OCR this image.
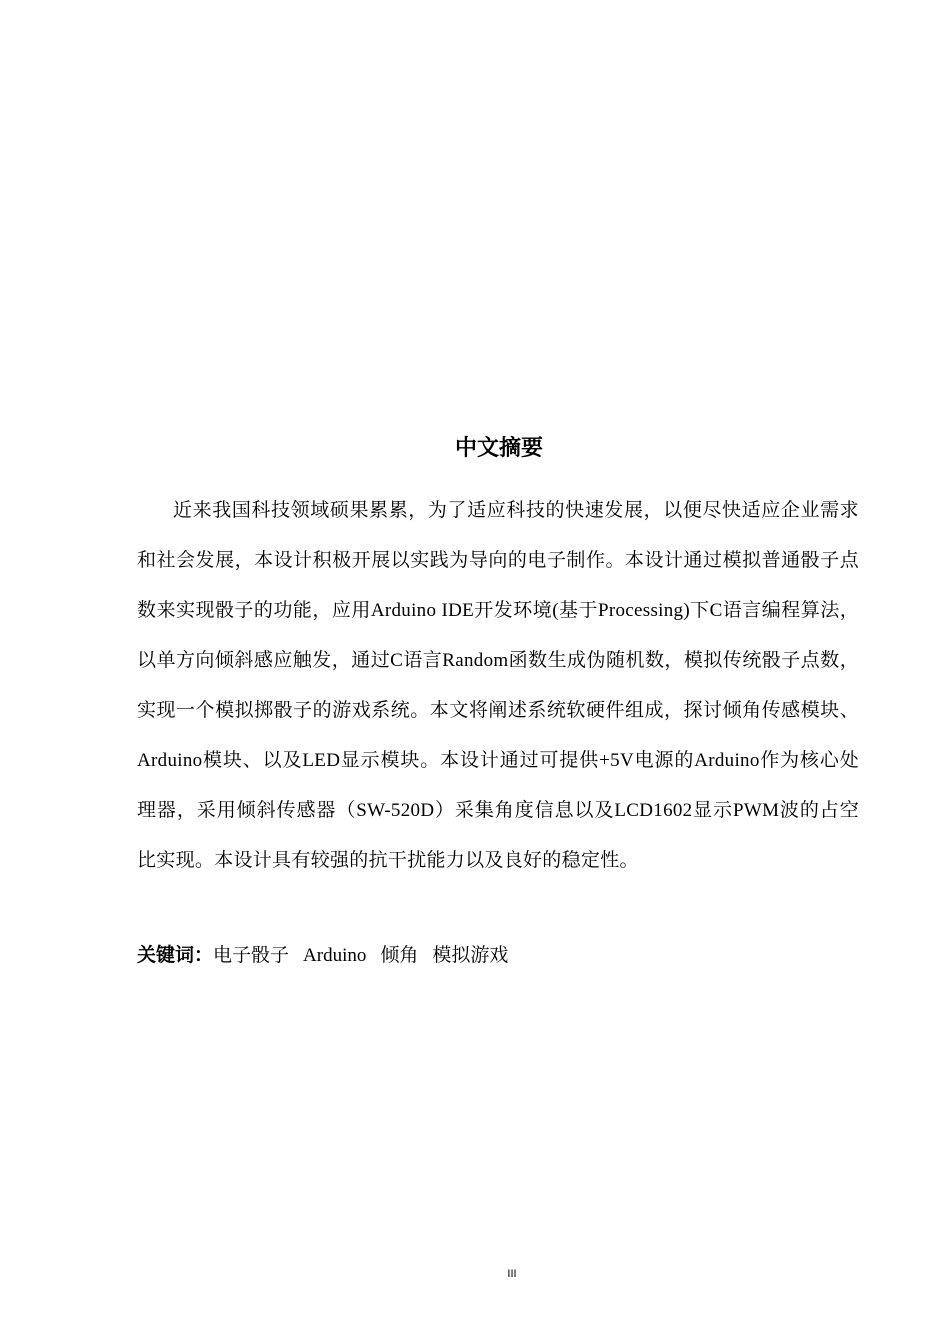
中文摘要

近来我国科技领域硕果累累，为了适应科技的快速发展，以便尽快适应企业需求和社会发展，本设计积极开展以实践为导向的电子制作。本设计通过模拟普通骰子点数来实现骰子的功能，应用Arduino IDE开发环境(基于Processing)下C语言编程算法，以单方向倾斜感应触发，通过C语言Random函数生成伪随机数，模拟传统骰子点数，实现一个模拟掷骰子的游戏系统。本文将阐述系统软硬件组成，探讨倾角传感模块、Arduino模块、以及LED显示模块。本设计通过可提供+5V电源的Arduino作为核心处理器，采用倾斜传感器（SW-520D）采集角度信息以及LCD1602显示PWM波的占空比实现。本设计具有较强的抗干扰能力以及良好的稳定性。

关键词：电子骰子 Arduino 倾角 模拟游戏

III
